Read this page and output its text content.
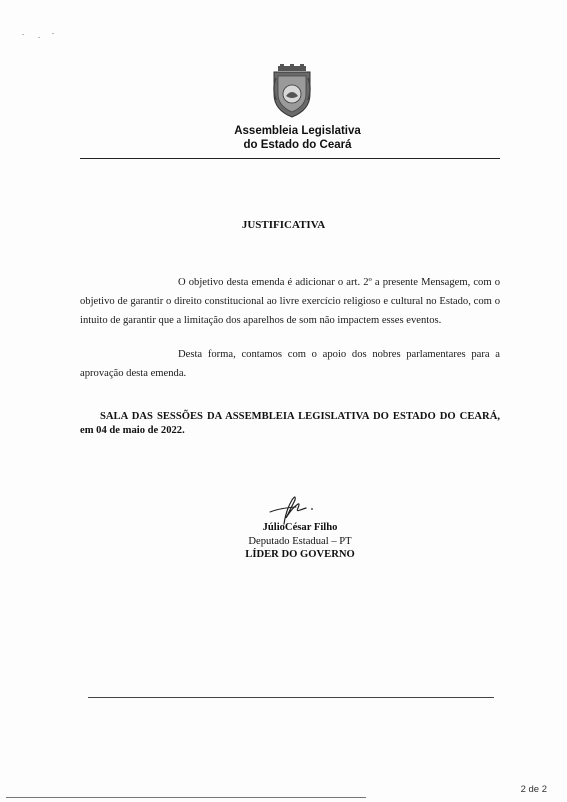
Assembleia Legislativa
do Estado do Ceará
JUSTIFICATIVA
O objetivo desta emenda é adicionar o art. 2º a presente Mensagem, com o objetivo de garantir o direito constitucional ao livre exercício religioso e cultural no Estado, com o intuito de garantir que a limitação dos aparelhos de som não impactem esses eventos.
Desta forma, contamos com o apoio dos nobres parlamentares para a aprovação desta emenda.
SALA DAS SESSÕES DA ASSEMBLEIA LEGISLATIVA DO ESTADO DO CEARÁ, em 04 de maio de 2022.
JúlioCésar Filho
Deputado Estadual – PT
LÍDER DO GOVERNO
2 de 2
